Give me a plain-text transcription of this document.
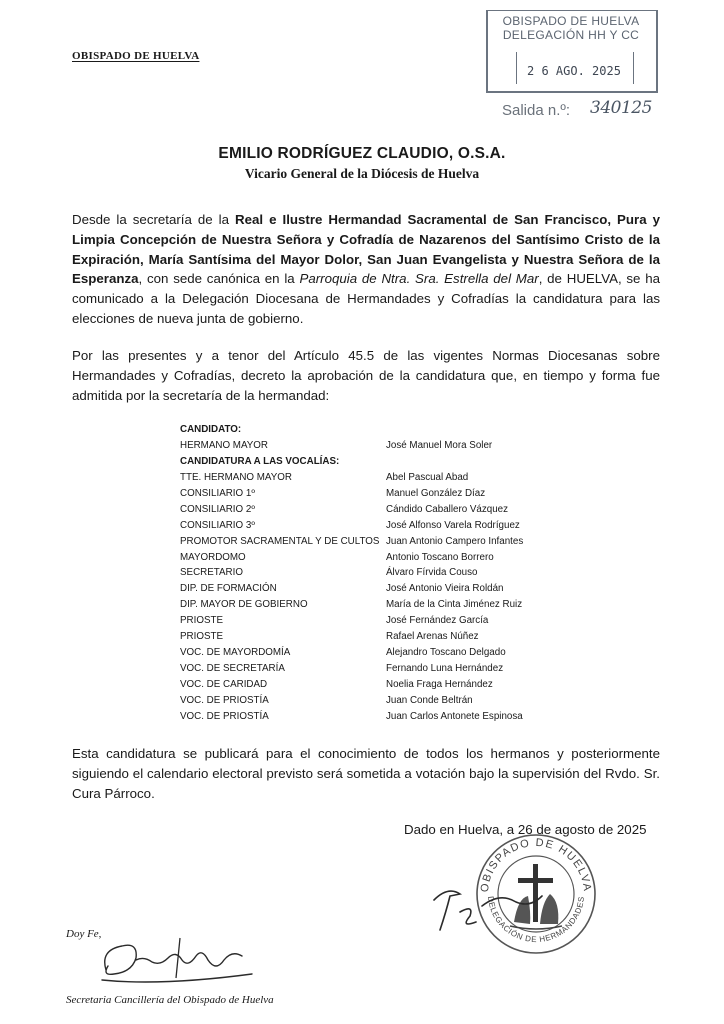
OBISPADO DE HUELVA
OBISPADO DE HUELVA
DELEGACIÓN HH Y CC
2 6 AGO. 2025
Salida n.º: 340125
EMILIO RODRÍGUEZ CLAUDIO, O.S.A.
Vicario General de la Diócesis de Huelva
Desde la secretaría de la Real e Ilustre Hermandad Sacramental de San Francisco, Pura y Limpia Concepción de Nuestra Señora y Cofradía de Nazarenos del Santísimo Cristo de la Expiración, María Santísima del Mayor Dolor, San Juan Evangelista y Nuestra Señora de la Esperanza, con sede canónica en la Parroquia de Ntra. Sra. Estrella del Mar, de HUELVA, se ha comunicado a la Delegación Diocesana de Hermandades y Cofradías la candidatura para las elecciones de nueva junta de gobierno.
Por las presentes y a tenor del Artículo 45.5 de las vigentes Normas Diocesanas sobre Hermandades y Cofradías, decreto la aprobación de la candidatura que, en tiempo y forma fue admitida por la secretaría de la hermandad:
CANDIDATO:
HERMANO MAYOR	José Manuel Mora Soler
CANDIDATURA A LAS VOCALÍAS:
TTE. HERMANO MAYOR	Abel Pascual Abad
CONSILIARIO 1º	Manuel González Díaz
CONSILIARIO 2º	Cándido Caballero Vázquez
CONSILIARIO 3º	José Alfonso Varela Rodríguez
PROMOTOR SACRAMENTAL Y DE CULTOS Juan Antonio Campero Infantes
MAYORDOMO	Antonio Toscano Borrero
SECRETARIO	Álvaro Fírvida Couso
DIP. DE FORMACIÓN	José Antonio Vieira Roldán
DIP. MAYOR DE GOBIERNO	María de la Cinta Jiménez Ruiz
PRIOSTE	José Fernández García
PRIOSTE	Rafael Arenas Núñez
VOC. DE MAYORDOMÍA	Alejandro Toscano Delgado
VOC. DE SECRETARÍA	Fernando Luna Hernández
VOC. DE CARIDAD	Noelia Fraga Hernández
VOC. DE PRIOSTÍA	Juan Conde Beltrán
VOC. DE PRIOSTÍA	Juan Carlos Antonete Espinosa
Esta candidatura se publicará para el conocimiento de todos los hermanos y posteriormente siguiendo el calendario electoral previsto será sometida a votación bajo la supervisión del Rvdo. Sr. Cura Párroco.
Dado en Huelva, a 26 de agosto de 2025
OBISPADO DE HUELVA
DELEGACIÓN DE HERMANDADES
Doy Fe,
Secretaria Cancillería del Obispado de Huelva
